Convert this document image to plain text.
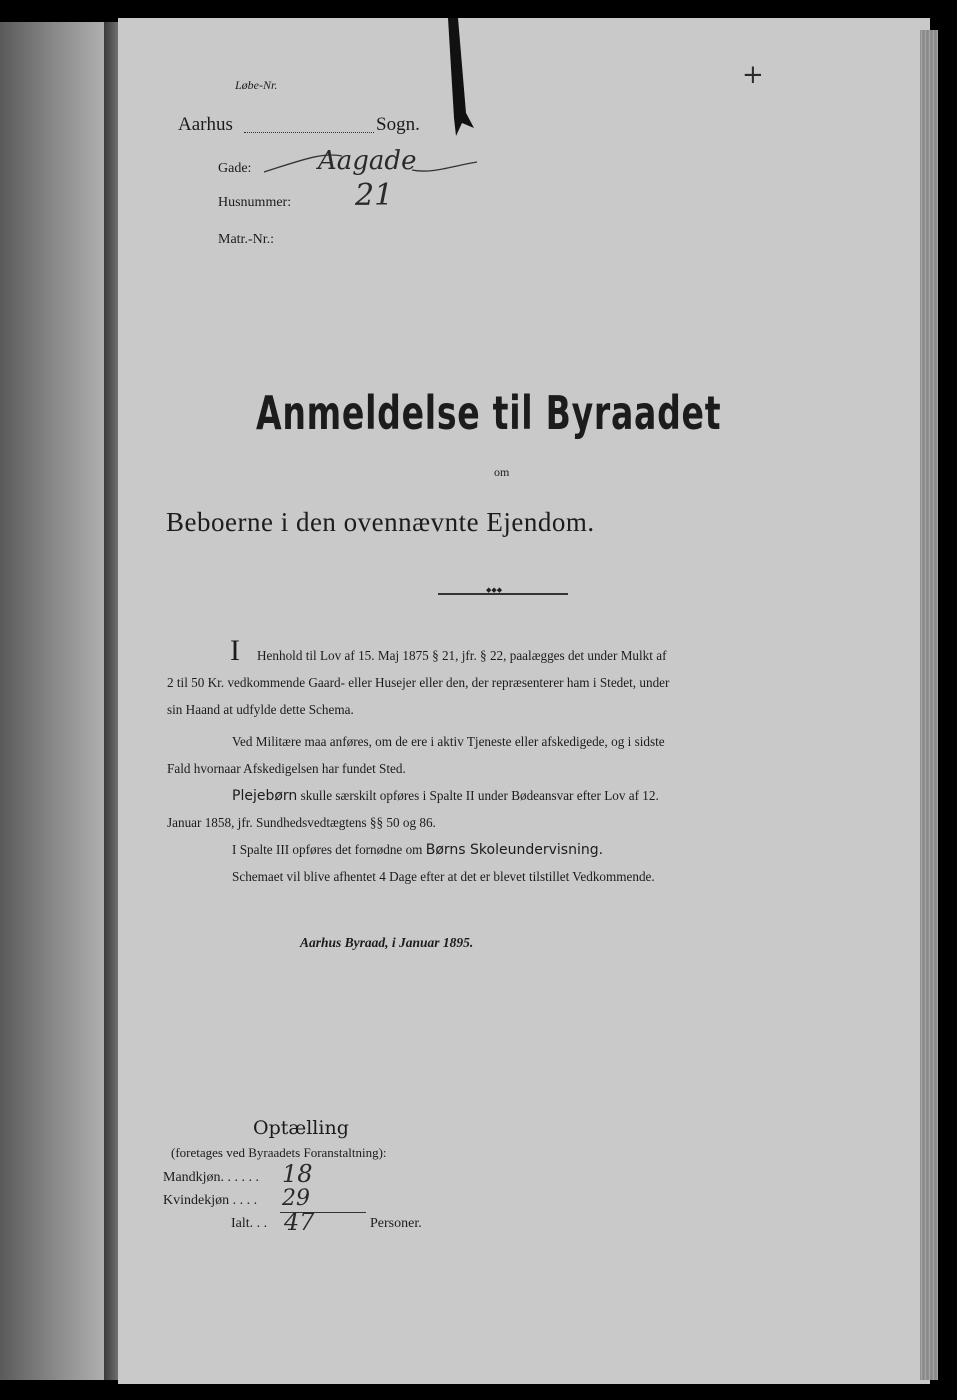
Løbe-Nr.	+
Aarhus	Sogn.
Gade:	Aagade
Husnummer: 21
Matr.-Nr.:
Anmeldelse til Byraadet
om
Beboerne i den ovennævnte Ejendom.
◆◆◆
I Henhold til Lov af 15. Maj 1875 § 21, jfr. § 22, paalægges det under Mulkt af
2 til 50 Kr. vedkommende Gaard- eller Husejer eller den, der repræsenterer ham i Stedet, under
sin Haand at udfylde dette Schema.
Ved Militære maa anføres, om de ere i aktiv Tjeneste eller afskedigede, og i sidste
Fald hvornaar Afskedigelsen har fundet Sted.
Plejebørn skulle særskilt opføres i Spalte II under Bødeansvar efter Lov af 12.
Januar 1858, jfr. Sundhedsvedtægtens §§ 50 og 86.
I Spalte III opføres det fornødne om Børns Skoleundervisning.
Schemaet vil blive afhentet 4 Dage efter at det er blevet tilstillet Vedkommende.
Aarhus Byraad, i Januar 1895.
Optælling
(foretages ved Byraadets Foranstaltning):
Mandkjøn. . . . . . 18
Kvindekjøn . . . . 29
Ialt. . . 47	Personer.
